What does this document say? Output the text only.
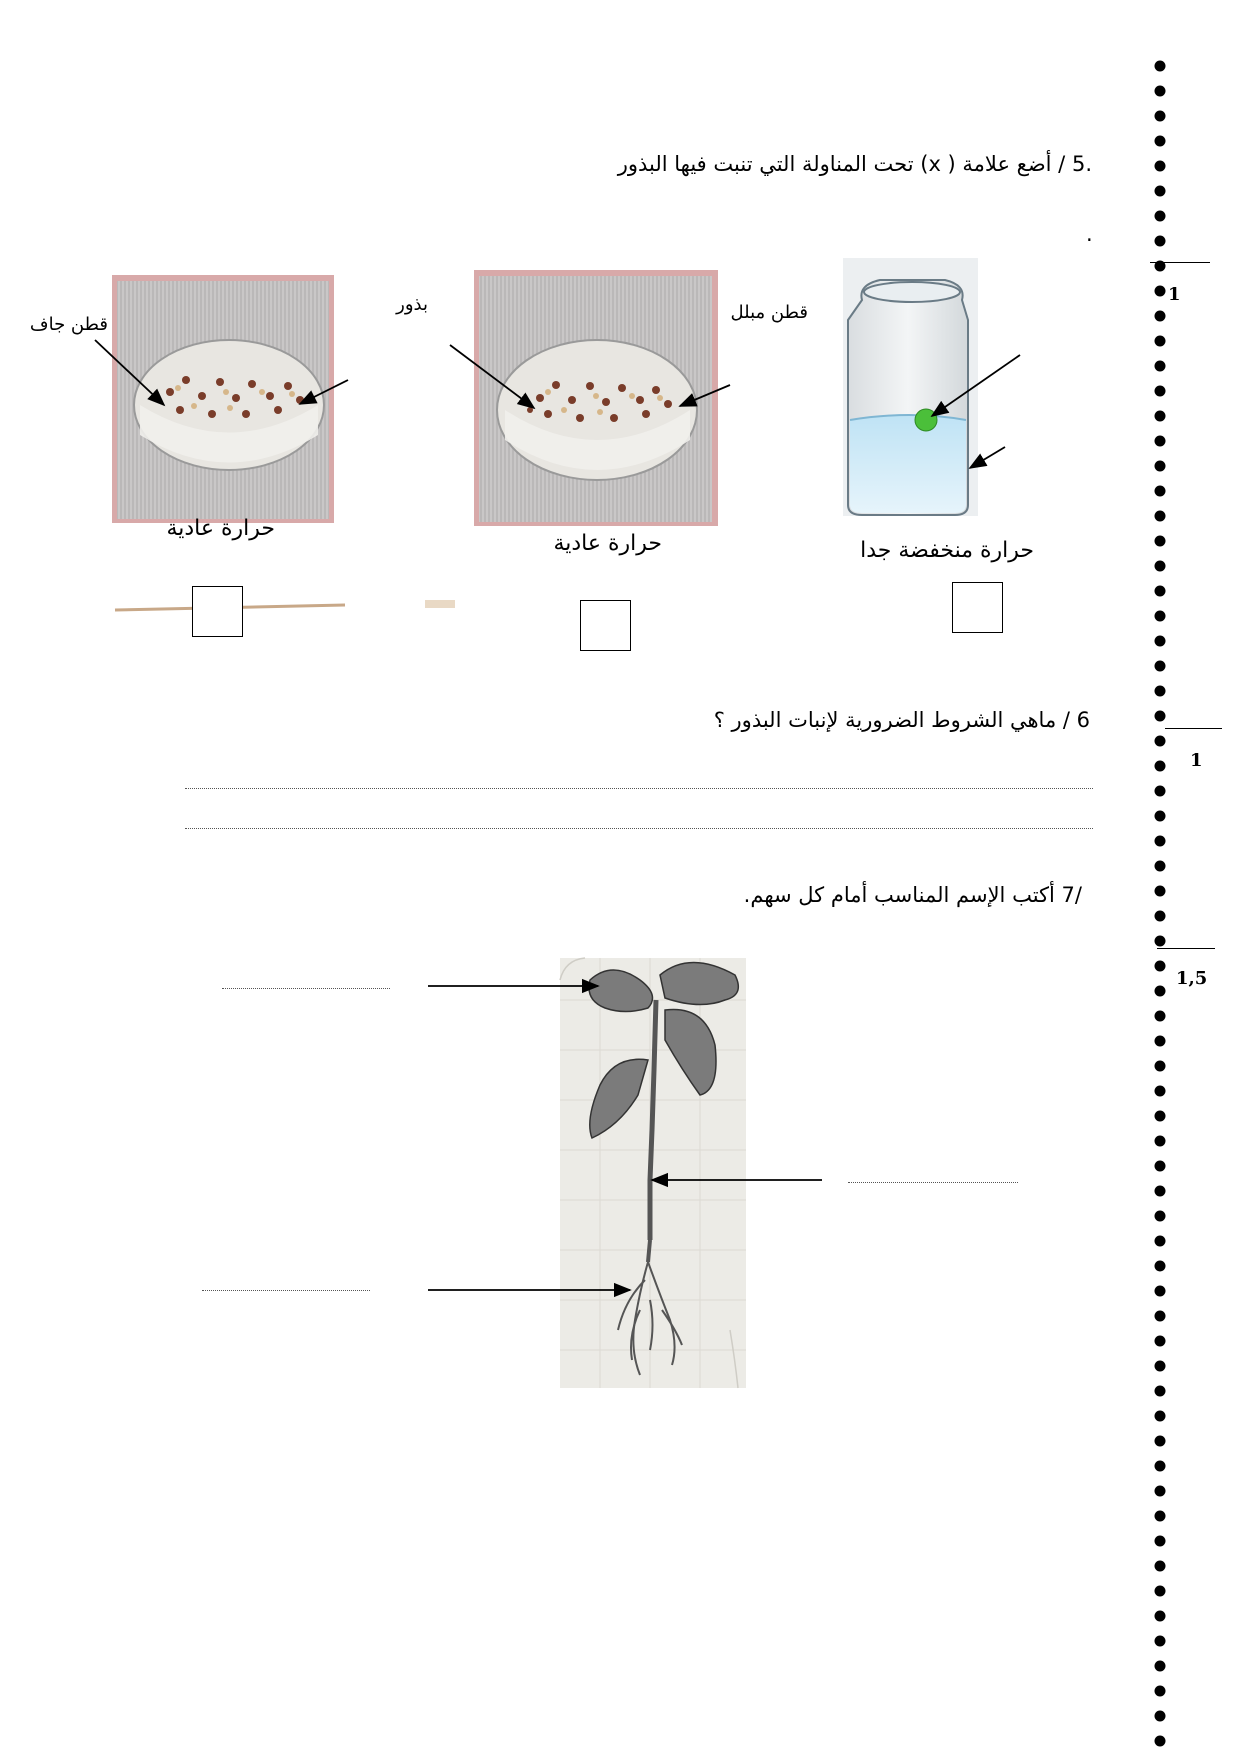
.5 / أضع علامة ( x) تحت المناولة التي تنبت فيها البذور
.
قطن مبلل
بذور
قطن جاف
حرارة منخفضة جدا
حرارة عادية
حرارة عادية
6 / ماهي الشروط الضرورية لإنبات البذور ؟
/7 أكتب الإسم المناسب أمام كل سهم.
1
1
1,5
